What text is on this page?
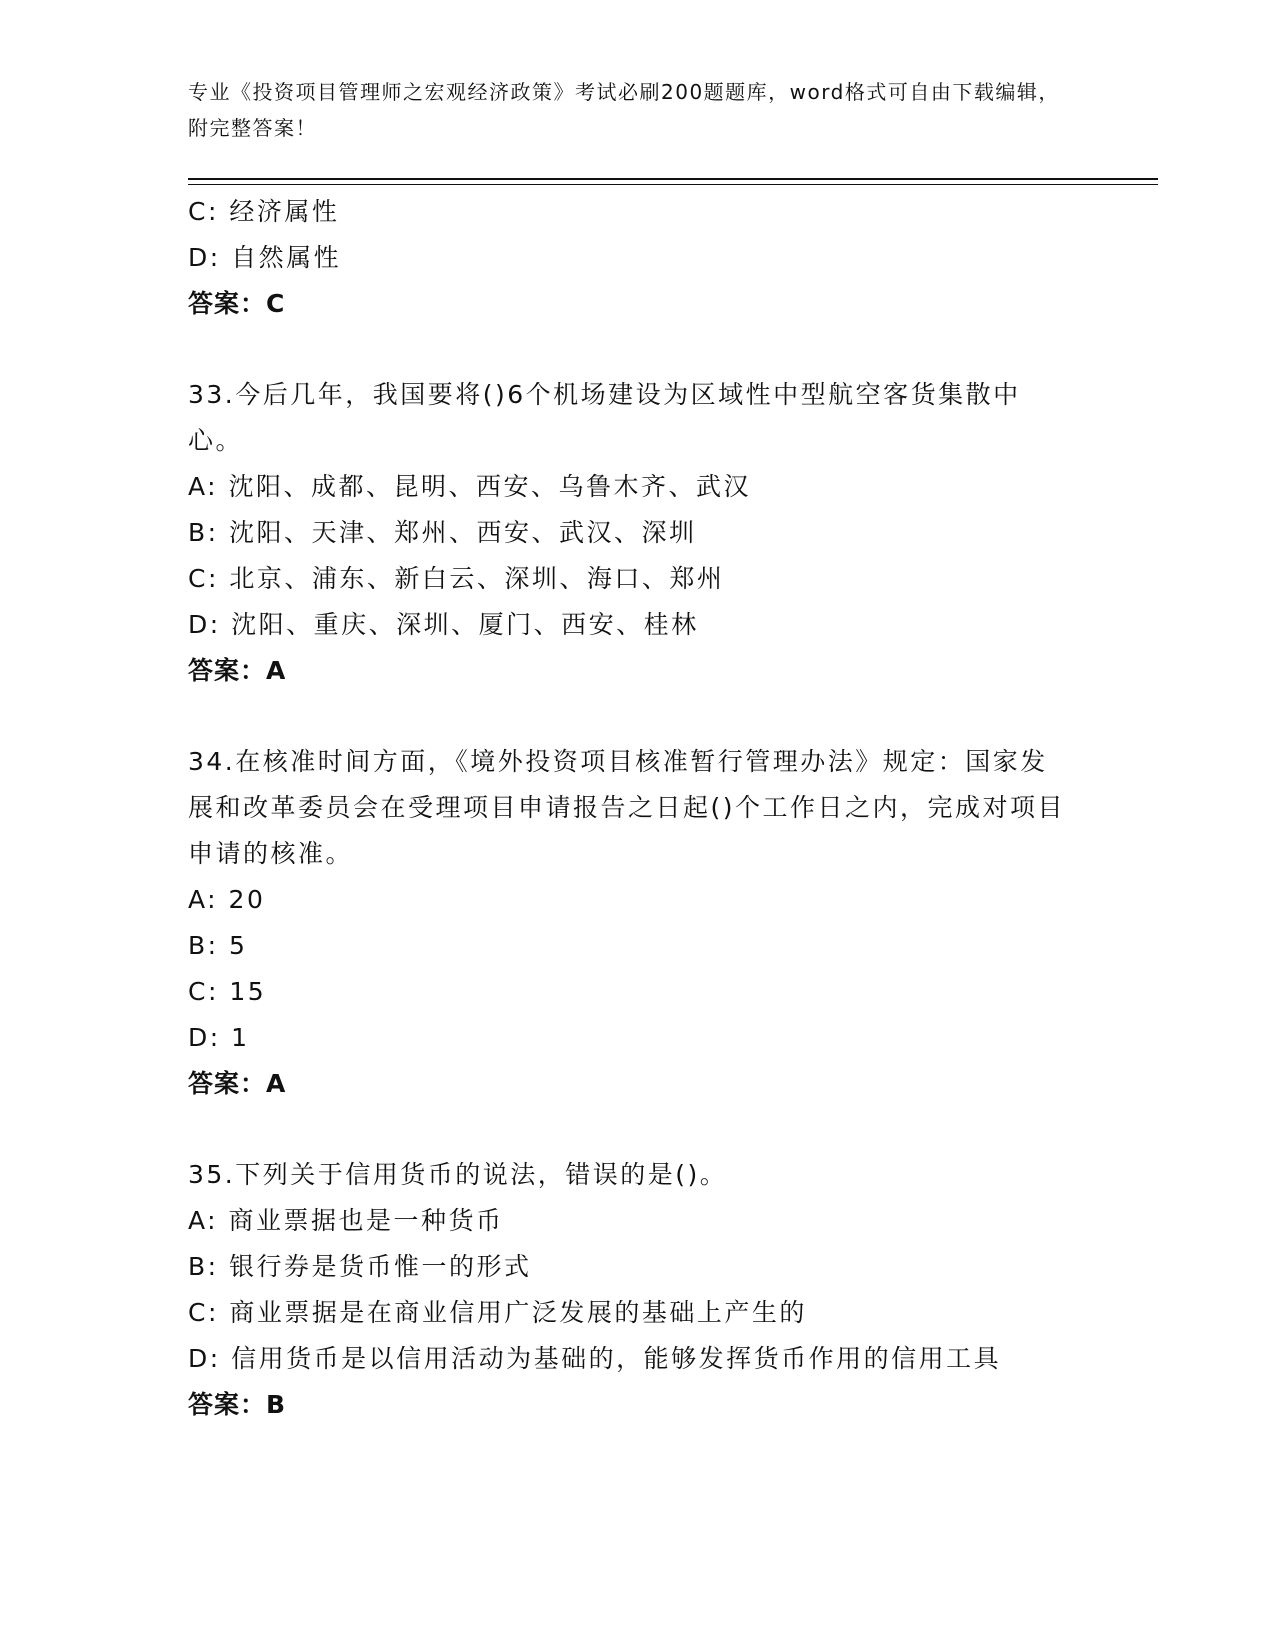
专业《投资项目管理师之宏观经济政策》考试必刷200题题库，word格式可自由下载编辑，附完整答案！
C: 经济属性
D: 自然属性
答案：C
33.今后几年，我国要将()6个机场建设为区域性中型航空客货集散中心。
A: 沈阳、成都、昆明、西安、乌鲁木齐、武汉
B: 沈阳、天津、郑州、西安、武汉、深圳
C: 北京、浦东、新白云、深圳、海口、郑州
D: 沈阳、重庆、深圳、厦门、西安、桂林
答案：A
34.在核准时间方面，《境外投资项目核准暂行管理办法》规定：国家发展和改革委员会在受理项目申请报告之日起()个工作日之内，完成对项目申请的核准。
A: 20
B: 5
C: 15
D: 1
答案：A
35.下列关于信用货币的说法，错误的是()。
A: 商业票据也是一种货币
B: 银行券是货币惟一的形式
C: 商业票据是在商业信用广泛发展的基础上产生的
D: 信用货币是以信用活动为基础的，能够发挥货币作用的信用工具
答案：B
